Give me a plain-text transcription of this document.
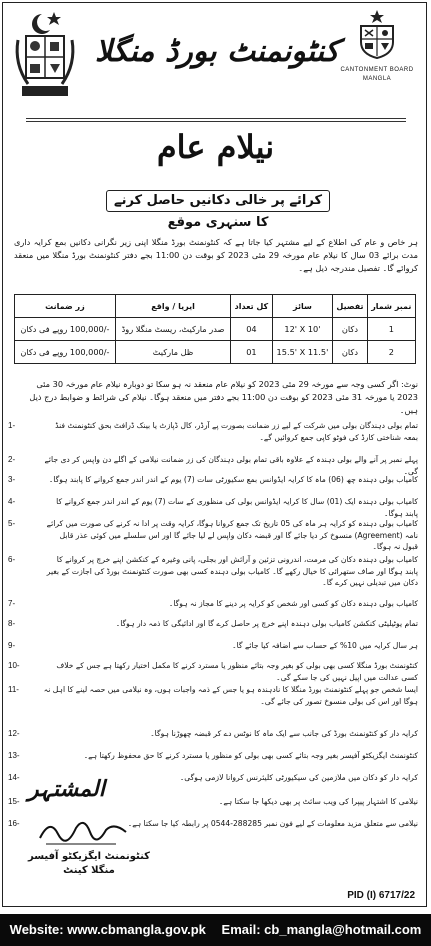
کنٹونمنٹ بورڈ منگلا
CANTONMENT BOARD
MANGLA
نیلام عام
کرائے پر خالی دکانیں حاصل کرنے کا سنہری موقع
ہر خاص و عام کی اطلاع کے لیے مشتہر کیا جاتا ہے کہ کنٹونمنٹ بورڈ منگلا اپنی زیر نگرانی دکانیں بمع کرایہ داری مدت برائے 03 سال کا نیلام عام مورخہ 29 مئی 2023 کو بوقت دن 11:00 بجے دفتر کنٹونمنٹ بورڈ منگلا میں منعقد کروائے گا۔ تفصیل مندرجہ ذیل ہے۔
نمبر شمار	تفصیل	سائز	کل تعداد	ایریا / واقع	زر ضمانت
1	دکان	12' X 10'	04	صدر مارکیٹ، ریسٹ منگلا روڈ	-/100,000 روپے فی دکان
2	دکان	15.5' X 11.5'	01	ظل مارکیٹ	-/100,000 روپے فی دکان
نوٹ: اگر کسی وجہ سے مورخہ 29 مئی 2023 کو نیلام عام منعقد نہ ہو سکا تو دوبارہ نیلام عام مورخہ 30 مئی 2023 یا مورخہ 31 مئی 2023 کو بوقت دن 11:00 بجے دفتر میں منعقد ہوگا۔ نیلام کی شرائط و ضوابط درج ذیل ہیں۔
1-	تمام بولی دہندگان بولی میں شرکت کے لیے زر ضمانت بصورت پے آرڈر، کال ڈپازٹ یا بینک ڈرافٹ بحق کنٹونمنٹ فنڈ بمعہ شناختی کارڈ کی فوٹو کاپی جمع کروائیں گے۔
2-	پہلے نمبر پر آنے والے بولی دہندہ کے علاوہ باقی تمام بولی دہندگان کی زر ضمانت نیلامی کے اگلے دن واپس کر دی جائے گی۔
3-	کامیاب بولی دہندہ چھ (06) ماہ کا کرایہ ایڈوانس بمع سکیورٹی سات (7) یوم کے اندر اندر جمع کروانے کا پابند ہوگا۔
4-	کامیاب بولی دہندہ ایک (01) سال کا کرایہ ایڈوانس بولی کی منظوری کے سات (7) یوم کے اندر اندر جمع کروانے کا پابند ہوگا۔
5-	کامیاب بولی دہندہ کو کرایہ ہر ماہ کی 05 تاریخ تک جمع کروانا ہوگا، کرایہ وقت پر ادا نہ کرنے کی صورت میں کرائے نامہ (Agreement) منسوخ کر دیا جائے گا اور قبضہ دکان واپس لے لیا جائے گا اور اس سلسلے میں کوئی عذر قابل قبول نہ ہوگا۔
6-	کامیاب بولی دہندہ دکان کی مرمت، اندرونی تزئین و آرائش اور بجلی، پانی وغیرہ کے کنکشن اپنے خرچ پر کروانے کا پابند ہوگا اور صاف ستھرائی کا خیال رکھے گا۔ کامیاب بولی دہندہ کسی بھی صورت کنٹونمنٹ بورڈ کی اجازت کے بغیر دکان میں تبدیلی نہیں کرے گا۔
7-	کامیاب بولی دہندہ دکان کو کسی اور شخص کو کرایہ پر دینے کا مجاز نہ ہوگا۔
8-	تمام یوٹیلیٹی کنکشن کامیاب بولی دہندہ اپنے خرچ پر حاصل کرے گا اور ادائیگی کا ذمہ دار ہوگا۔
9-	ہر سال کرایہ میں 10% کے حساب سے اضافہ کیا جائے گا۔
10-	کنٹونمنٹ بورڈ منگلا کسی بھی بولی کو بغیر وجہ بتائے منظور یا مسترد کرنے کا مکمل اختیار رکھتا ہے جس کے خلاف کسی عدالت میں اپیل نہیں کی جا سکے گی۔
11-	ایسا شخص جو پہلے کنٹونمنٹ بورڈ منگلا کا نادہندہ ہو یا جس کے ذمہ واجبات ہوں، وہ نیلامی میں حصہ لینے کا اہل نہ ہوگا اور اس کی بولی منسوخ تصور کی جائے گی۔
12-	کرایہ دار کو کنٹونمنٹ بورڈ کی جانب سے ایک ماہ کا نوٹس دے کر قبضہ چھوڑنا ہوگا۔
13-	کنٹونمنٹ ایگزیکٹو آفیسر بغیر وجہ بتائے کسی بھی بولی کو منظور یا مسترد کرنے کا حق محفوظ رکھتا ہے۔
14-	کرایہ دار کو دکان میں ملازمین کی سیکیورٹی کلیئرنس کروانا لازمی ہوگی۔
15-	نیلامی کا اشتہار پیپرا کی ویب سائٹ پر بھی دیکھا جا سکتا ہے۔
16-	نیلامی سے متعلق مزید معلومات کے لیے فون نمبر 288285-0544 پر رابطہ کیا جا سکتا ہے۔
المشتہر
کنٹونمنٹ ایگزیکٹو آفیسر
منگلا کینٹ
PID (I) 6717/22
Website: www.cbmangla.gov.pk Email: cb_mangla@hotmail.com
